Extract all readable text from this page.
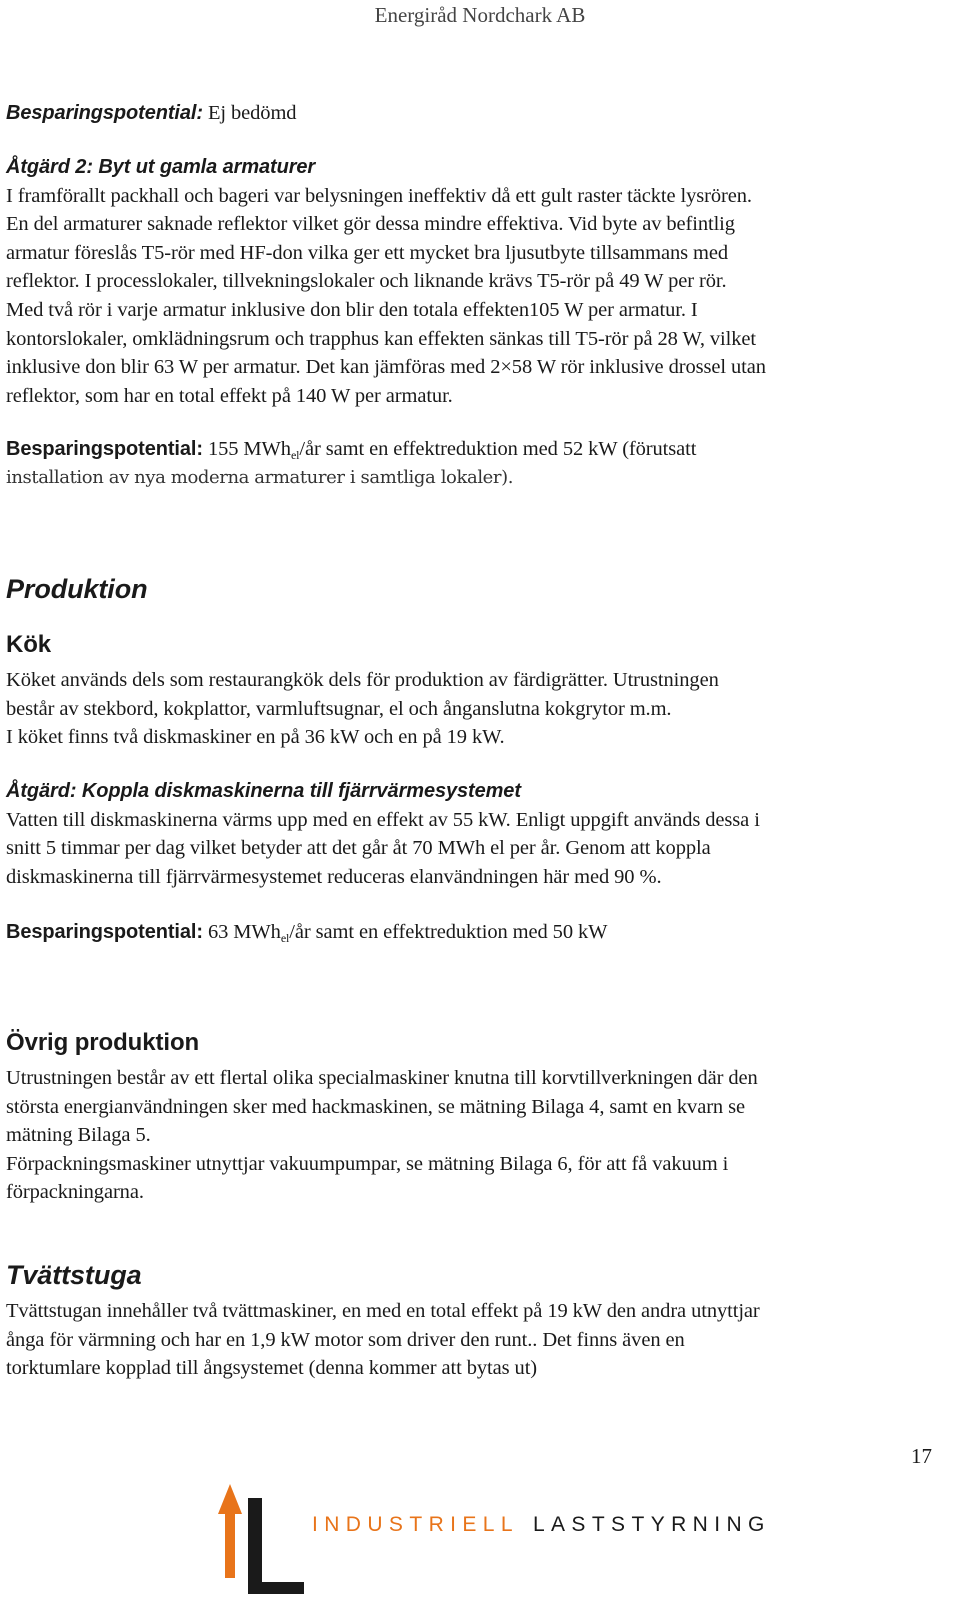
Energiråd Nordchark AB

Besparingspotential: Ej bedömd

Åtgärd 2: Byt ut gamla armaturer

I framförallt packhall och bageri var belysningen ineffektiv då ett gult raster täckte lysrören.

En del armaturer saknade reflektor vilket gör dessa mindre effektiva. Vid byte av befintlig

armatur föreslås T5-rör med HF-don vilka ger ett mycket bra ljusutbyte tillsammans med

reflektor. I processlokaler, tillvekningslokaler och liknande krävs T5-rör på 49 W per rör.

Med två rör i varje armatur inklusive don blir den totala effekten105 W per armatur. I

kontorslokaler, omklädningsrum och trapphus kan effekten sänkas till T5-rör på 28 W, vilket

inklusive don blir 63 W per armatur. Det kan jämföras med 2×58 W rör inklusive drossel utan

reflektor, som har en total effekt på 140 W per armatur.

Besparingspotential: 155 MWh$_{el}$/år samt en effektreduktion med 52 kW (förutsatt

installation av nya moderna armaturer i samtliga lokaler).

Produktion

Kök

Köket används dels som restaurangkök dels för produktion av färdigrätter. Utrustningen

består av stekbord, kokplattor, varmluftsugnar, el och ånganslutna kokgrytor m.m.

I köket finns två diskmaskiner en på 36 kW och en på 19 kW.

Åtgärd: Koppla diskmaskinerna till fjärrvärmesystemet

Vatten till diskmaskinerna värms upp med en effekt av 55 kW. Enligt uppgift används dessa i

snitt 5 timmar per dag vilket betyder att det går åt 70 MWh el per år. Genom att koppla

diskmaskinerna till fjärrvärmesystemet reduceras elanvändningen här med 90 %.

Besparingspotential: 63 MWh$_{el}$/år samt en effektreduktion med 50 kW

Övrig produktion

Utrustningen består av ett flertal olika specialmaskiner knutna till korvtillverkningen där den

största energianvändningen sker med hackmaskinen, se mätning Bilaga 4, samt en kvarn se

mätning Bilaga 5.

Förpackningsmaskiner utnyttjar vakuumpumpar, se mätning Bilaga 6, för att få vakuum i

förpackningarna.

Tvättstuga

Tvättstugan innehåller två tvättmaskiner, en med en total effekt på 19 kW den andra utnyttjar

ånga för värmning och har en 1,9 kW motor som driver den runt.. Det finns även en

torktumlare kopplad till ångsystemet (denna kommer att bytas ut)

17
INDUSTRIELL LASTSTYRNING
